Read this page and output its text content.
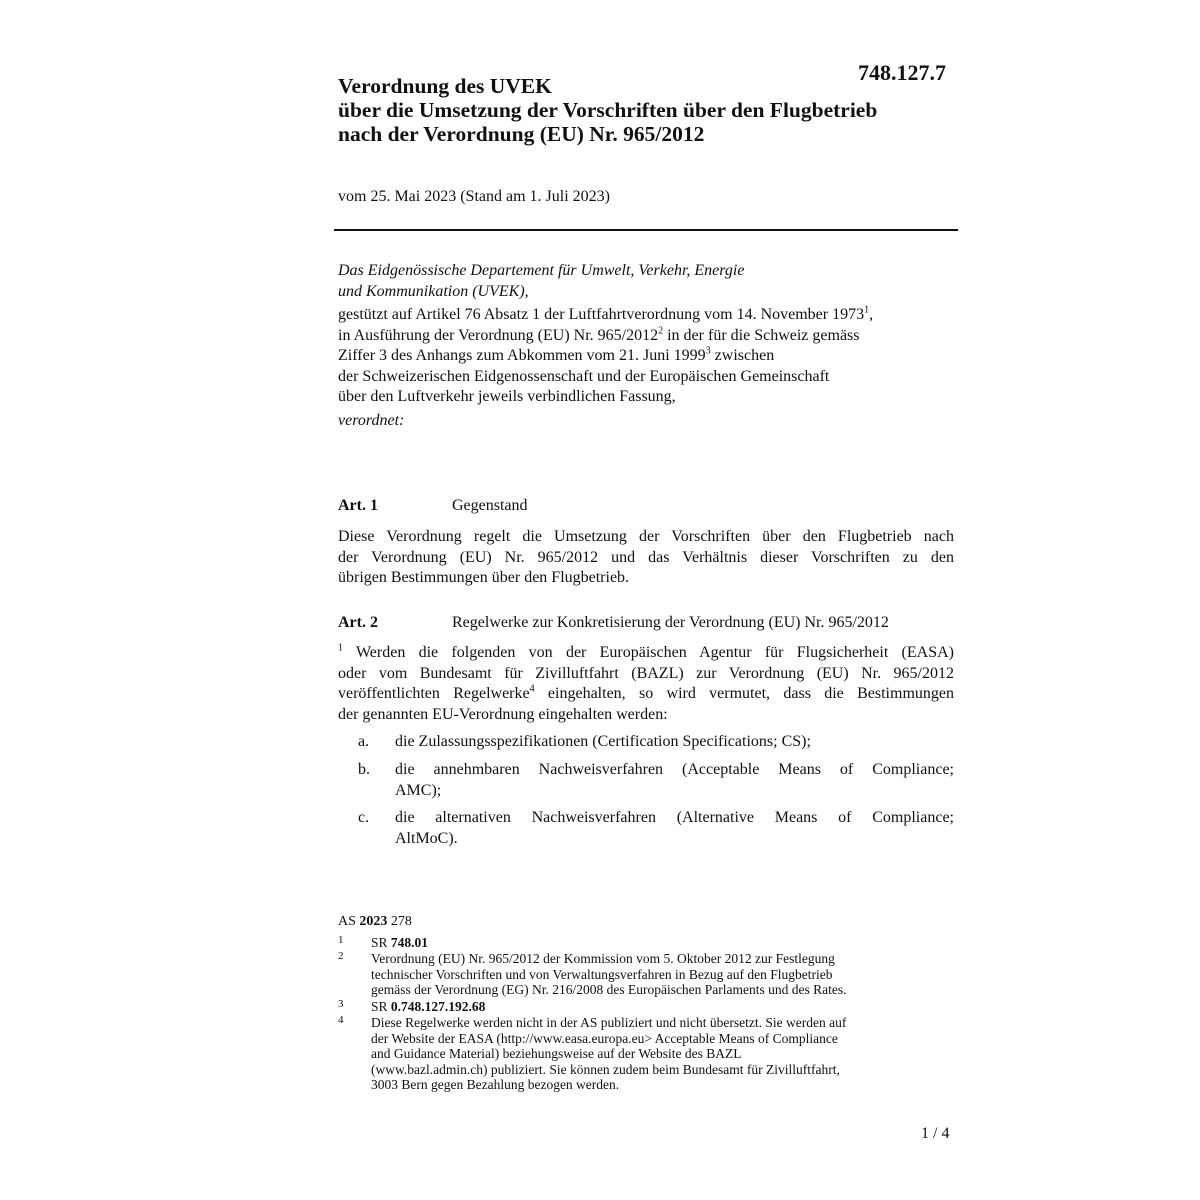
748.127.7
Verordnung des UVEK
über die Umsetzung der Vorschriften über den Flugbetrieb
nach der Verordnung (EU) Nr. 965/2012
vom 25. Mai 2023 (Stand am 1. Juli 2023)
Das Eidgenössische Departement für Umwelt, Verkehr, Energie
und Kommunikation (UVEK),
gestützt auf Artikel 76 Absatz 1 der Luftfahrtverordnung vom 14. November 1973$^1$,
in Ausführung der Verordnung (EU) Nr. 965/2012$^2$ in der für die Schweiz gemäss
Ziffer 3 des Anhangs zum Abkommen vom 21. Juni 1999$^3$ zwischen
der Schweizerischen Eidgenossenschaft und der Europäischen Gemeinschaft
über den Luftverkehr jeweils verbindlichen Fassung,
verordnet:
Art. 1	Gegenstand
Diese Verordnung regelt die Umsetzung der Vorschriften über den Flugbetrieb nach
der Verordnung (EU) Nr. 965/2012 und das Verhältnis dieser Vorschriften zu den
übrigen Bestimmungen über den Flugbetrieb.
Art. 2	Regelwerke zur Konkretisierung der Verordnung (EU) Nr. 965/2012
$^1$ Werden die folgenden von der Europäischen Agentur für Flugsicherheit (EASA)
oder vom Bundesamt für Zivilluftfahrt (BAZL) zur Verordnung (EU) Nr. 965/2012
veröffentlichten Regelwerke$^4$ eingehalten, so wird vermutet, dass die Bestimmungen
der genannten EU-Verordnung eingehalten werden:
a. die Zulassungsspezifikationen (Certification Specifications; CS);
b. die annehmbaren Nachweisverfahren (Acceptable Means of Compliance;
AMC);
c. die alternativen Nachweisverfahren (Alternative Means of Compliance;
AltMoC).
AS 2023 278
1 SR 748.01
2 Verordnung (EU) Nr. 965/2012 der Kommission vom 5. Oktober 2012 zur Festlegung
technischer Vorschriften und von Verwaltungsverfahren in Bezug auf den Flugbetrieb
gemäss der Verordnung (EG) Nr. 216/2008 des Europäischen Parlaments und des Rates.
3 SR 0.748.127.192.68
4 Diese Regelwerke werden nicht in der AS publiziert und nicht übersetzt. Sie werden auf
der Website der EASA (http://www.easa.europa.eu> Acceptable Means of Compliance
and Guidance Material) beziehungsweise auf der Website des BAZL
(www.bazl.admin.ch) publiziert. Sie können zudem beim Bundesamt für Zivilluftfahrt,
3003 Bern gegen Bezahlung bezogen werden.
1 / 4
